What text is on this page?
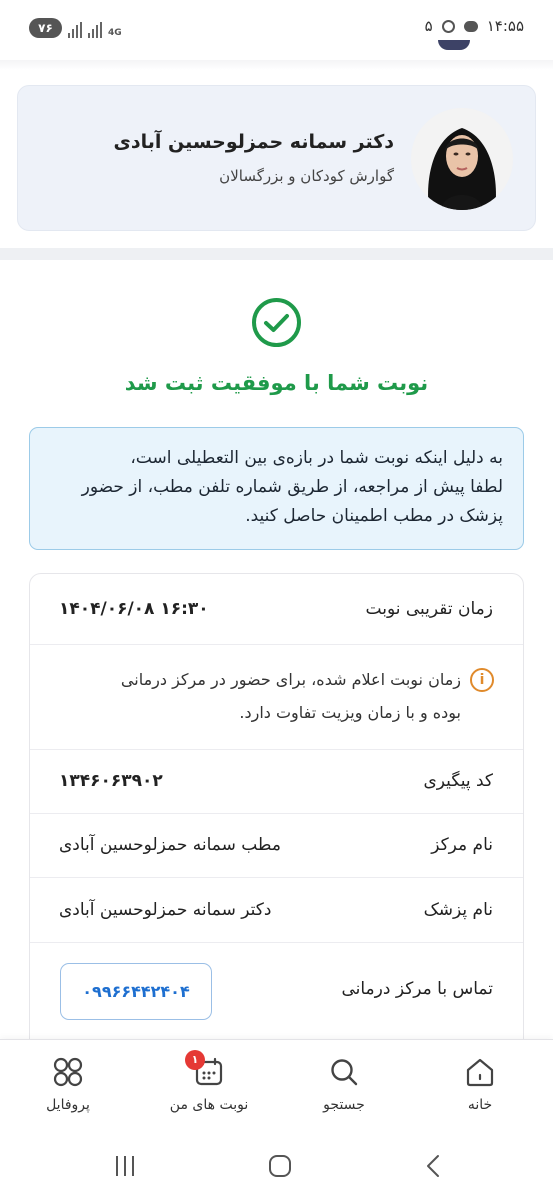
۷۶	4G	۵	۱۴:۵۵
دکتر سمانه حمزلوحسین آبادی
گوارش کودکان و بزرگسالان
نوبت شما با موفقیت ثبت شد

به دلیل اینکه نوبت شما در بازه‌ی بین التعطیلی است،

لطفا پیش از مراجعه، از طریق شماره تلفن مطب، از حضور

پزشک در مطب اطمینان حاصل کنید.

زمان تقریبی نوبت
۱۴۰۴/۰۶/۰۸ ۱۶:۳۰
i
زمان نوبت اعلام شده، برای حضور در مرکز درمانی
بوده و با زمان ویزیت تفاوت دارد.
کد پیگیری
۱۳۴۶۰۶۳۹۰۲
نام مرکز
مطب سمانه حمزلوحسین آبادی
نام پزشک
دکتر سمانه حمزلوحسین آبادی
تماس با مرکز درمانی
۰۹۹۶۶۴۴۲۴۰۴
خانه
جستجو
۱
نوبت های من
پروفایل
